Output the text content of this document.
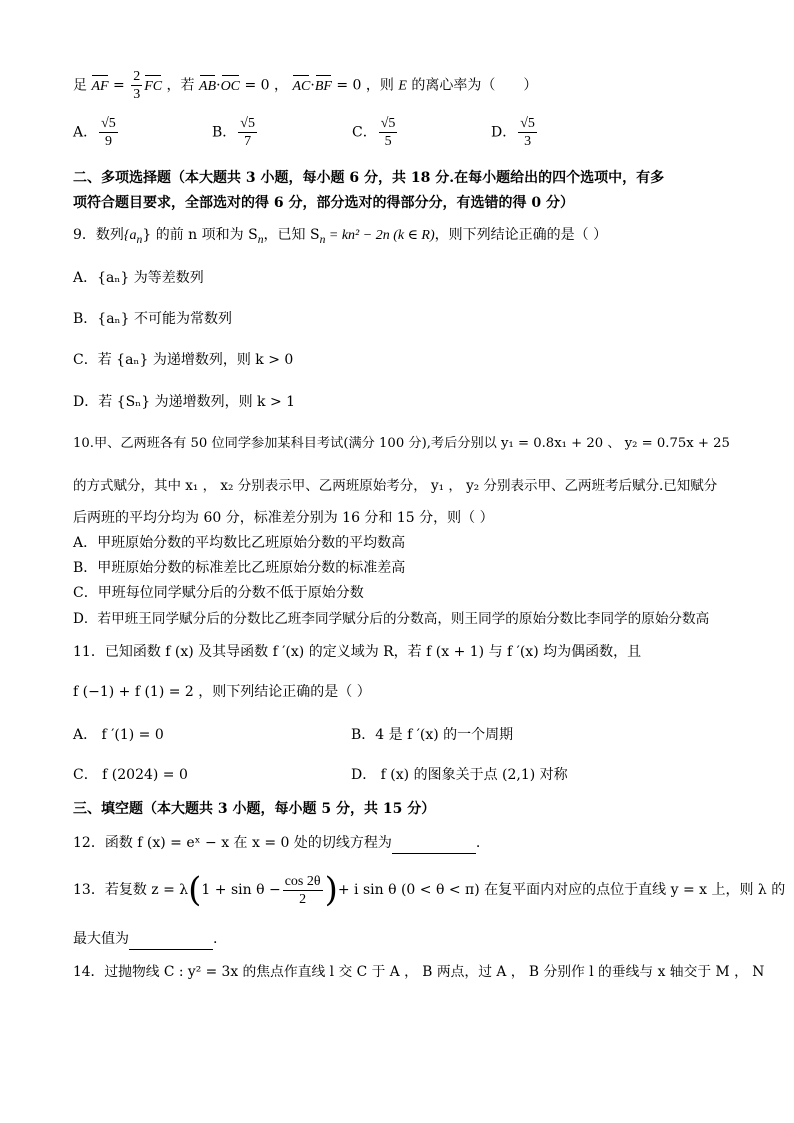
足 AF = $\frac{2}{3}$ FC ，若 AB·OC = 0 ， AC·BF = 0 ，则 E 的离心率为（　　）
A． $\frac{√5}{9}$	B． $\frac{√5}{7}$	C． $\frac{√5}{5}$	D． $\frac{√5}{3}$
二、多项选择题（本大题共 3 小题，每小题 6 分，共 18 分.在每小题给出的四个选项中，有多
项符合题目要求，全部选对的得 6 分，部分选对的得部分分，有选错的得 0 分）
9．数列$\{a_n\}$ 的前 n 项和为 $S_n$，已知 $S_n = kn^2 - 2n$ (k ∈ R)，则下列结论正确的是（ ）
A．{aₙ} 为等差数列
B．{aₙ} 不可能为常数列
C．若 {aₙ} 为递增数列，则 k > 0
D．若 {Sₙ} 为递增数列，则 k > 1
10.甲、乙两班各有 50 位同学参加某科目考试(满分 100 分),考后分别以 y₁ = 0.8x₁ + 20 、 y₂ = 0.75x + 25
的方式赋分，其中 x₁ ， x₂ 分别表示甲、乙两班原始考分， y₁ ， y₂ 分别表示甲、乙两班考后赋分.已知赋分
后两班的平均分均为 60 分，标准差分别为 16 分和 15 分，则（ ）
A．甲班原始分数的平均数比乙班原始分数的平均数高
B．甲班原始分数的标准差比乙班原始分数的标准差高
C．甲班每位同学赋分后的分数不低于原始分数
D．若甲班王同学赋分后的分数比乙班李同学赋分后的分数高，则王同学的原始分数比李同学的原始分数高
11．已知函数 f (x) 及其导函数 f ′(x) 的定义域为 R，若 f (x + 1) 与 f ′(x) 均为偶函数，且
f (−1) + f (1) = 2 ，则下列结论正确的是（ ）
A． f ′(1) = 0	B．4 是 f ′(x) 的一个周期
C． f (2024) = 0	D． f (x) 的图象关于点 (2,1) 对称
三、填空题（本大题共 3 小题，每小题 5 分，共 15 分）
12．函数 f (x) = eˣ − x 在 x = 0 处的切线方程为	.
13．若复数 $z = \lambda(1 + \sin \theta - \frac{\cos 2\theta}{2}$ )+ i sin θ (0 < θ < π) 在复平面内对应的点位于直线 y = x 上，则 λ 的
最大值为	.
14．过抛物线 C : y² = 3x 的焦点作直线 l 交 C 于 A ， B 两点，过 A ， B 分别作 l 的垂线与 x 轴交于 M ， N
